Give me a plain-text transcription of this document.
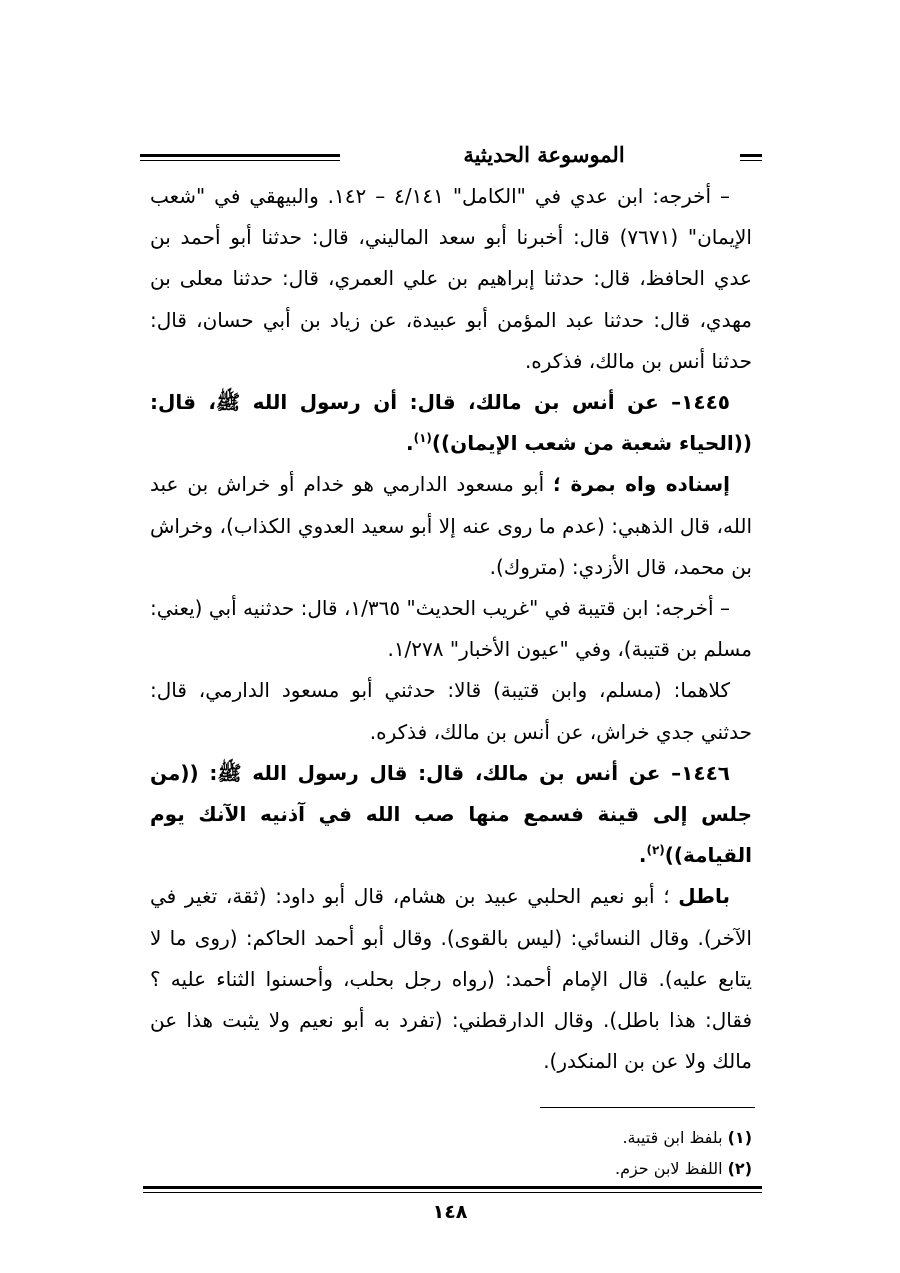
الموسوعة الحديثية

– أخرجه: ابن عدي في "الكامل" ٤/١٤١ – ١٤٢. والبيهقي في "شعب الإيمان" (٧٦٧١) قال: أخبرنا أبو سعد الماليني، قال: حدثنا أبو أحمد بن عدي الحافظ، قال: حدثنا إبراهيم بن علي العمري، قال: حدثنا معلى بن مهدي، قال: حدثنا عبد المؤمن أبو عبيدة، عن زياد بن أبي حسان، قال: حدثنا أنس بن مالك، فذكره.

١٤٤٥– عن أنس بن مالك، قال: أن رسول الله ﷺ، قال: ((الحياء شعبة من شعب الإيمان))$^{(١)}$.

إسناده واه بمرة ؛ أبو مسعود الدارمي هو خدام أو خراش بن عبد الله، قال الذهبي: (عدم ما روى عنه إلا أبو سعيد العدوي الكذاب)، وخراش بن محمد، قال الأزدي: (متروك).

– أخرجه: ابن قتيبة في "غريب الحديث" ١/٣٦٥، قال: حدثنيه أبي (يعني: مسلم بن قتيبة)، وفي "عيون الأخبار" ١/٢٧٨.

كلاهما: (مسلم، وابن قتيبة) قالا: حدثني أبو مسعود الدارمي، قال: حدثني جدي خراش، عن أنس بن مالك، فذكره.

١٤٤٦– عن أنس بن مالك، قال: قال رسول الله ﷺ: ((من جلس إلى قينة فسمع منها صب الله في آذنيه الآنك يوم القيامة))$^{(٢)}$.

باطل ؛ أبو نعيم الحلبي عبيد بن هشام، قال أبو داود: (ثقة، تغير في الآخر). وقال النسائي: (ليس بالقوى). وقال أبو أحمد الحاكم: (روى ما لا يتابع عليه). قال الإمام أحمد: (رواه رجل بحلب، وأحسنوا الثناء عليه ؟ فقال: هذا باطل). وقال الدارقطني: (تفرد به أبو نعيم ولا يثبت هذا عن مالك ولا عن بن المنكدر).

(١) بلفظ ابن قتيبة.

(٢) اللفظ لابن حزم.

١٤٨
